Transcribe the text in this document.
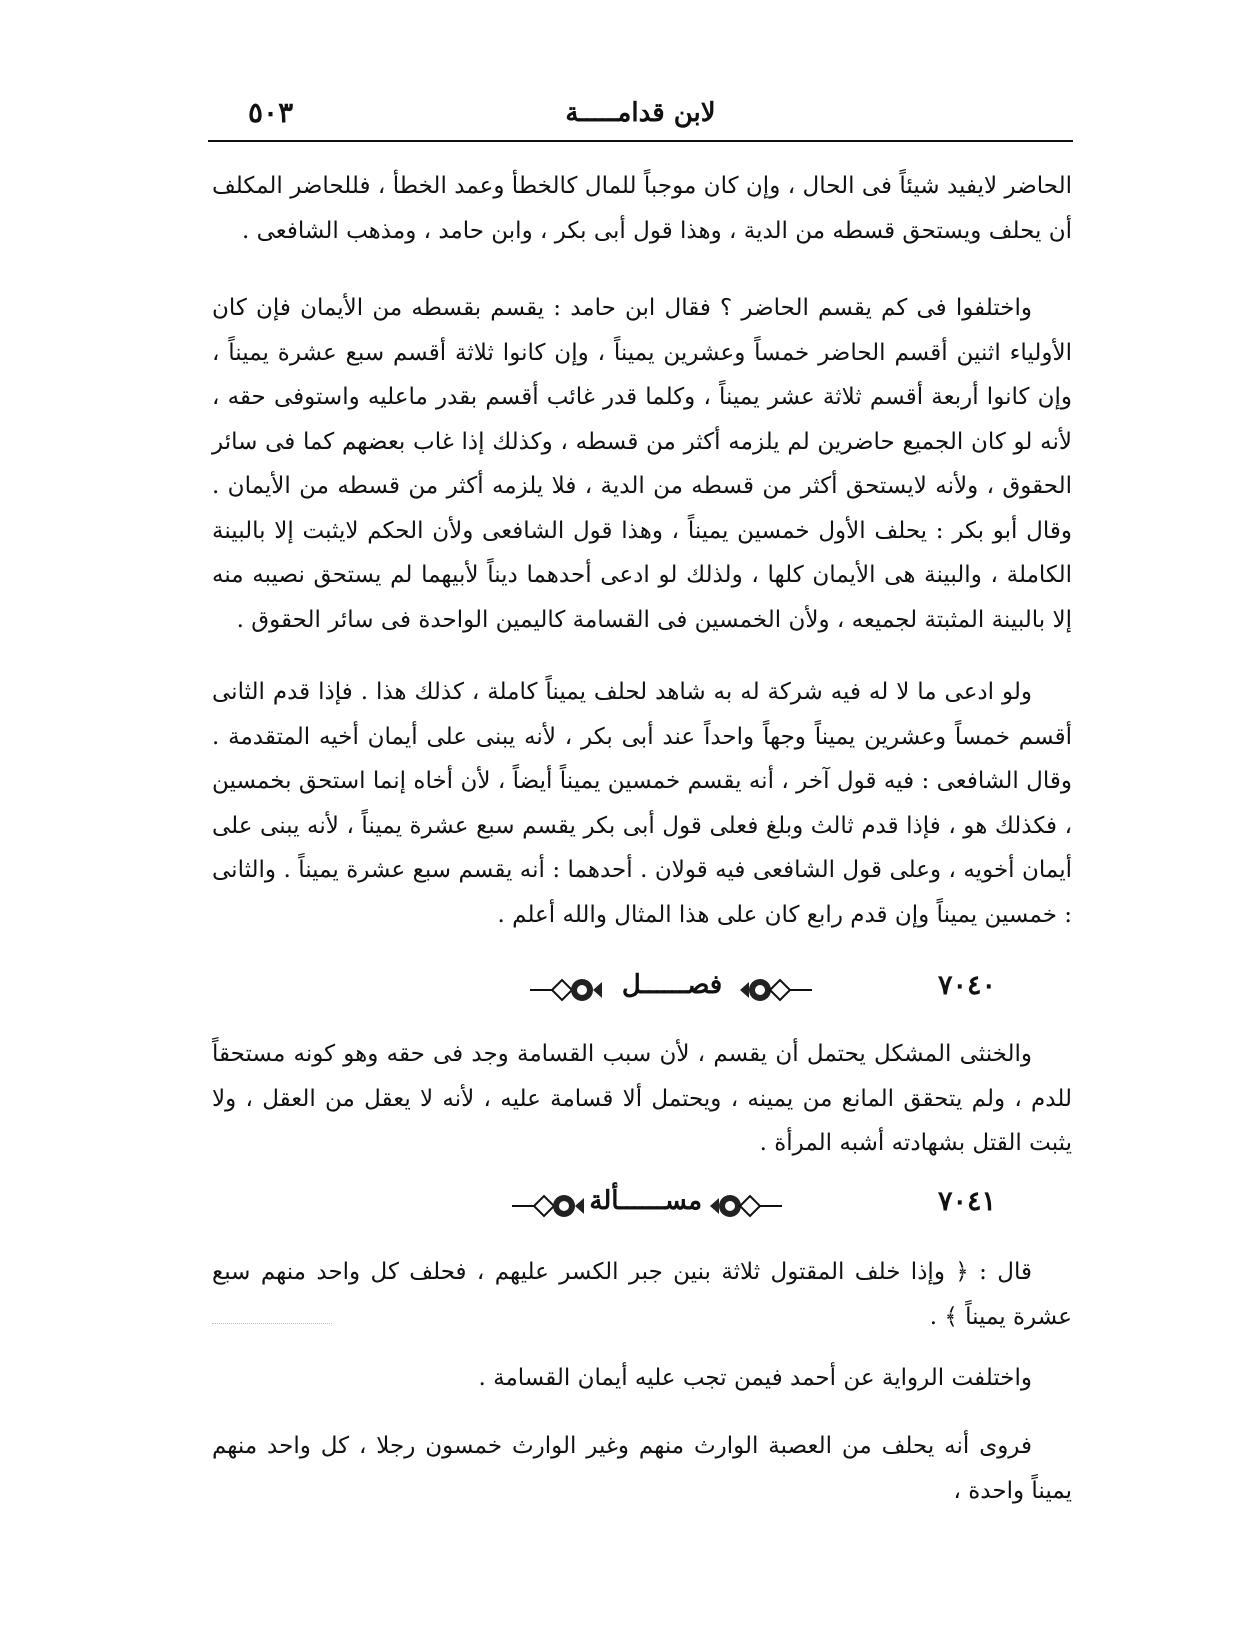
لابن قدامـــــة
٥٠٣
الحاضر لايفيد شيئاً فى الحال ، وإن كان موجباً للمال كالخطأ وعمد الخطأ ، فللحاضر المكلف أن يحلف ويستحق قسطه من الدية ، وهذا قول أبى بكر ، وابن حامد ، ومذهب الشافعى .
واختلفوا فى كم يقسم الحاضر ؟ فقال ابن حامد : يقسم بقسطه من الأيمان فإن كان الأولياء اثنين أقسم الحاضر خمساً وعشرين يميناً ، وإن كانوا ثلاثة أقسم سبع عشرة يميناً ، وإن كانوا أربعة أقسم ثلاثة عشر يميناً ، وكلما قدر غائب أقسم بقدر ماعليه واستوفى حقه ، لأنه لو كان الجميع حاضرين لم يلزمه أكثر من قسطه ، وكذلك إذا غاب بعضهم كما فى سائر الحقوق ، ولأنه لايستحق أكثر من قسطه من الدية ، فلا يلزمه أكثر من قسطه من الأيمان . وقال أبو بكر : يحلف الأول خمسين يميناً ، وهذا قول الشافعى ولأن الحكم لايثبت إلا بالبينة الكاملة ، والبينة هى الأيمان كلها ، ولذلك لو ادعى أحدهما ديناً لأبيهما لم يستحق نصيبه منه إلا بالبينة المثبتة لجميعه ، ولأن الخمسين فى القسامة كاليمين الواحدة فى سائر الحقوق .
ولو ادعى ما لا له فيه شركة له به شاهد لحلف يميناً كاملة ، كذلك هذا . فإذا قدم الثانى أقسم خمساً وعشرين يميناً وجهاً واحداً عند أبى بكر ، لأنه يبنى على أيمان أخيه المتقدمة . وقال الشافعى : فيه قول آخر ، أنه يقسم خمسين يميناً أيضاً ، لأن أخاه إنما استحق بخمسين ، فكذلك هو ، فإذا قدم ثالث وبلغ فعلى قول أبى بكر يقسم سبع عشرة يميناً ، لأنه يبنى على أيمان أخويه ، وعلى قول الشافعى فيه قولان . أحدهما : أنه يقسم سبع عشرة يميناً . والثانى : خمسين يميناً وإن قدم رابع كان على هذا المثال والله أعلم .
٧٠٤٠
فصــــــل
والخنثى المشكل يحتمل أن يقسم ، لأن سبب القسامة وجد فى حقه وهو كونه مستحقاً للدم ، ولم يتحقق المانع من يمينه ، ويحتمل ألا قسامة عليه ، لأنه لا يعقل من العقل ، ولا يثبت القتل بشهادته أشبه المرأة .
٧٠٤١
مســــــألة
قال : ﴿ وإذا خلف المقتول ثلاثة بنين جبر الكسر عليهم ، فحلف كل واحد منهم سبع عشرة يميناً ﴾ .
واختلفت الرواية عن أحمد فيمن تجب عليه أيمان القسامة .
فروى أنه يحلف من العصبة الوارث منهم وغير الوارث خمسون رجلا ، كل واحد منهم يميناً واحدة ،
